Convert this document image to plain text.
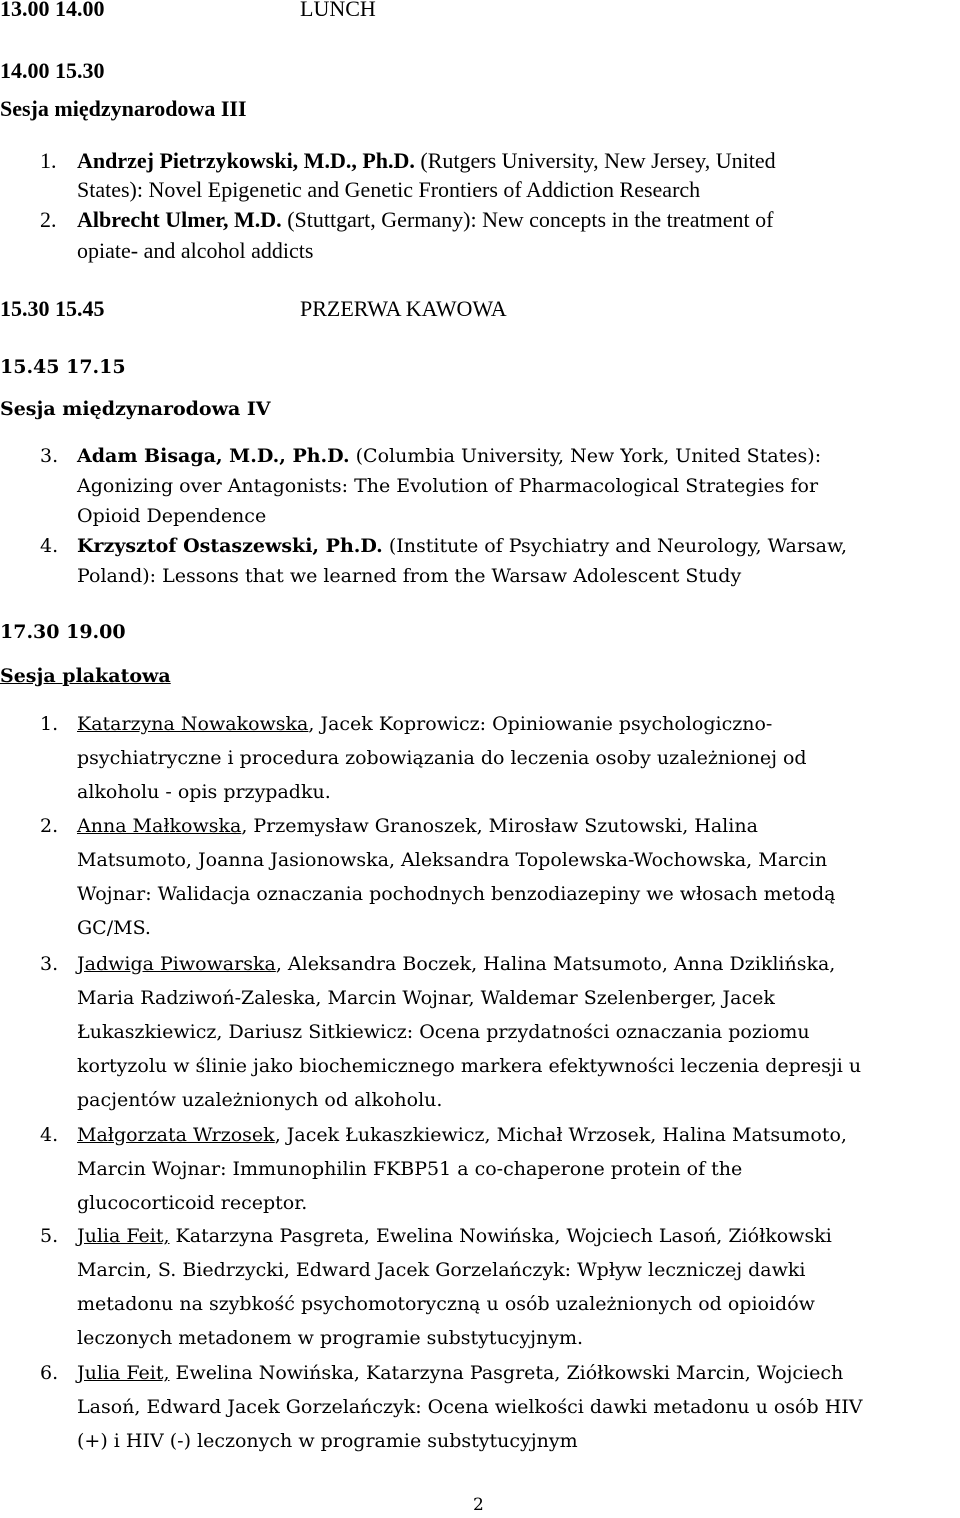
13.00 14.00	LUNCH
14.00 15.30
Sesja międzynarodowa III
1. Andrzej Pietrzykowski, M.D., Ph.D. (Rutgers University, New Jersey, United
States): Novel Epigenetic and Genetic Frontiers of Addiction Research
2. Albrecht Ulmer, M.D. (Stuttgart, Germany): New concepts in the treatment of
opiate- and alcohol addicts
15.30 15.45	PRZERWA KAWOWA
15.45 17.15
Sesja międzynarodowa IV
3. Adam Bisaga, M.D., Ph.D. (Columbia University, New York, United States):
Agonizing over Antagonists: The Evolution of Pharmacological Strategies for
Opioid Dependence
4. Krzysztof Ostaszewski, Ph.D. (Institute of Psychiatry and Neurology, Warsaw,
Poland): Lessons that we learned from the Warsaw Adolescent Study
17.30 19.00
Sesja plakatowa
1. Katarzyna Nowakowska, Jacek Koprowicz: Opiniowanie psychologiczno-
psychiatryczne i procedura zobowiązania do leczenia osoby uzależnionej od
alkoholu - opis przypadku.
2. Anna Małkowska, Przemysław Granoszek, Mirosław Szutowski, Halina
Matsumoto, Joanna Jasionowska, Aleksandra Topolewska-Wochowska, Marcin
Wojnar: Walidacja oznaczania pochodnych benzodiazepiny we włosach metodą
GC/MS.
3. Jadwiga Piwowarska, Aleksandra Boczek, Halina Matsumoto, Anna Dziklińska,
Maria Radziwoń-Zaleska, Marcin Wojnar, Waldemar Szelenberger, Jacek
Łukaszkiewicz, Dariusz Sitkiewicz: Ocena przydatności oznaczania poziomu
kortyzolu w ślinie jako biochemicznego markera efektywności leczenia depresji u
pacjentów uzależnionych od alkoholu.
4. Małgorzata Wrzosek, Jacek Łukaszkiewicz, Michał Wrzosek, Halina Matsumoto,
Marcin Wojnar: Immunophilin FKBP51 a co-chaperone protein of the
glucocorticoid receptor.
5. Julia Feit, Katarzyna Pasgreta, Ewelina Nowińska, Wojciech Lasoń, Ziółkowski
Marcin, S. Biedrzycki, Edward Jacek Gorzelańczyk: Wpływ leczniczej dawki
metadonu na szybkość psychomotoryczną u osób uzależnionych od opioidów
leczonych metadonem w programie substytucyjnym.
6. Julia Feit, Ewelina Nowińska, Katarzyna Pasgreta, Ziółkowski Marcin, Wojciech
Lasoń, Edward Jacek Gorzelańczyk: Ocena wielkości dawki metadonu u osób HIV
(+) i HIV (-) leczonych w programie substytucyjnym
2
